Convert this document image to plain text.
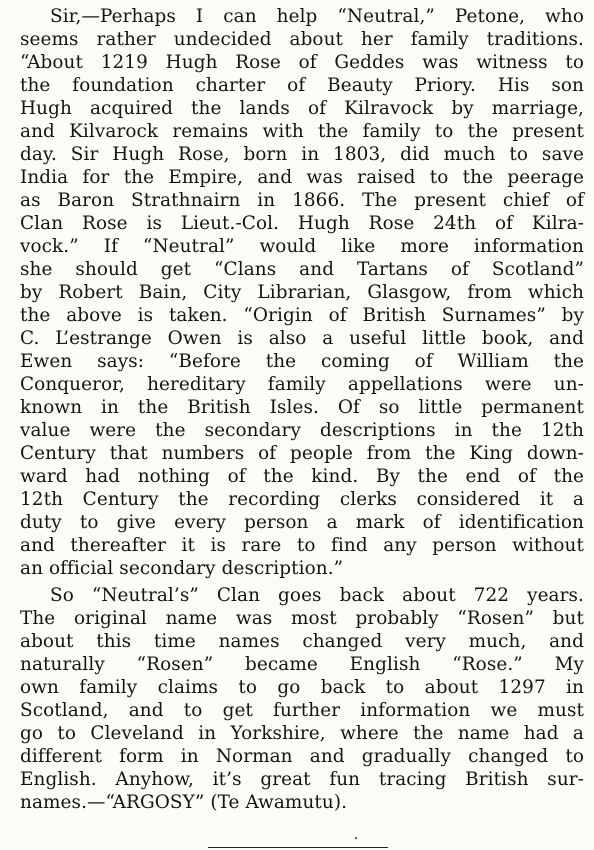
Sir,—Perhaps I can help “Neutral,” Petone, who
seems rather undecided about her family traditions.
“About 1219 Hugh Rose of Geddes was witness to
the foundation charter of Beauty Priory. His son
Hugh acquired the lands of Kilravock by marriage,
and Kilvarock remains with the family to the present
day. Sir Hugh Rose, born in 1803, did much to save
India for the Empire, and was raised to the peerage
as Baron Strathnairn in 1866. The present chief of
Clan Rose is Lieut.-Col. Hugh Rose 24th of Kilra-
vock.” If “Neutral” would like more information
she should get “Clans and Tartans of Scotland”
by Robert Bain, City Librarian, Glasgow, from which
the above is taken. “Origin of British Surnames” by
C. L’estrange Owen is also a useful little book, and
Ewen says: “Before the coming of William the
Conqueror, hereditary family appellations were un-
known in the British Isles. Of so little permanent
value were the secondary descriptions in the 12th
Century that numbers of people from the King down-
ward had nothing of the kind. By the end of the
12th Century the recording clerks considered it a
duty to give every person a mark of identification
and thereafter it is rare to find any person without
an official secondary description.”
So “Neutral’s” Clan goes back about 722 years.
The original name was most probably “Rosen” but
about this time names changed very much, and
naturally “Rosen” became English “Rose.” My
own family claims to go back to about 1297 in
Scotland, and to get further information we must
go to Cleveland in Yorkshire, where the name had a
different form in Norman and gradually changed to
English. Anyhow, it’s great fun tracing British sur-
names.—“ARGOSY” (Te Awamutu).
